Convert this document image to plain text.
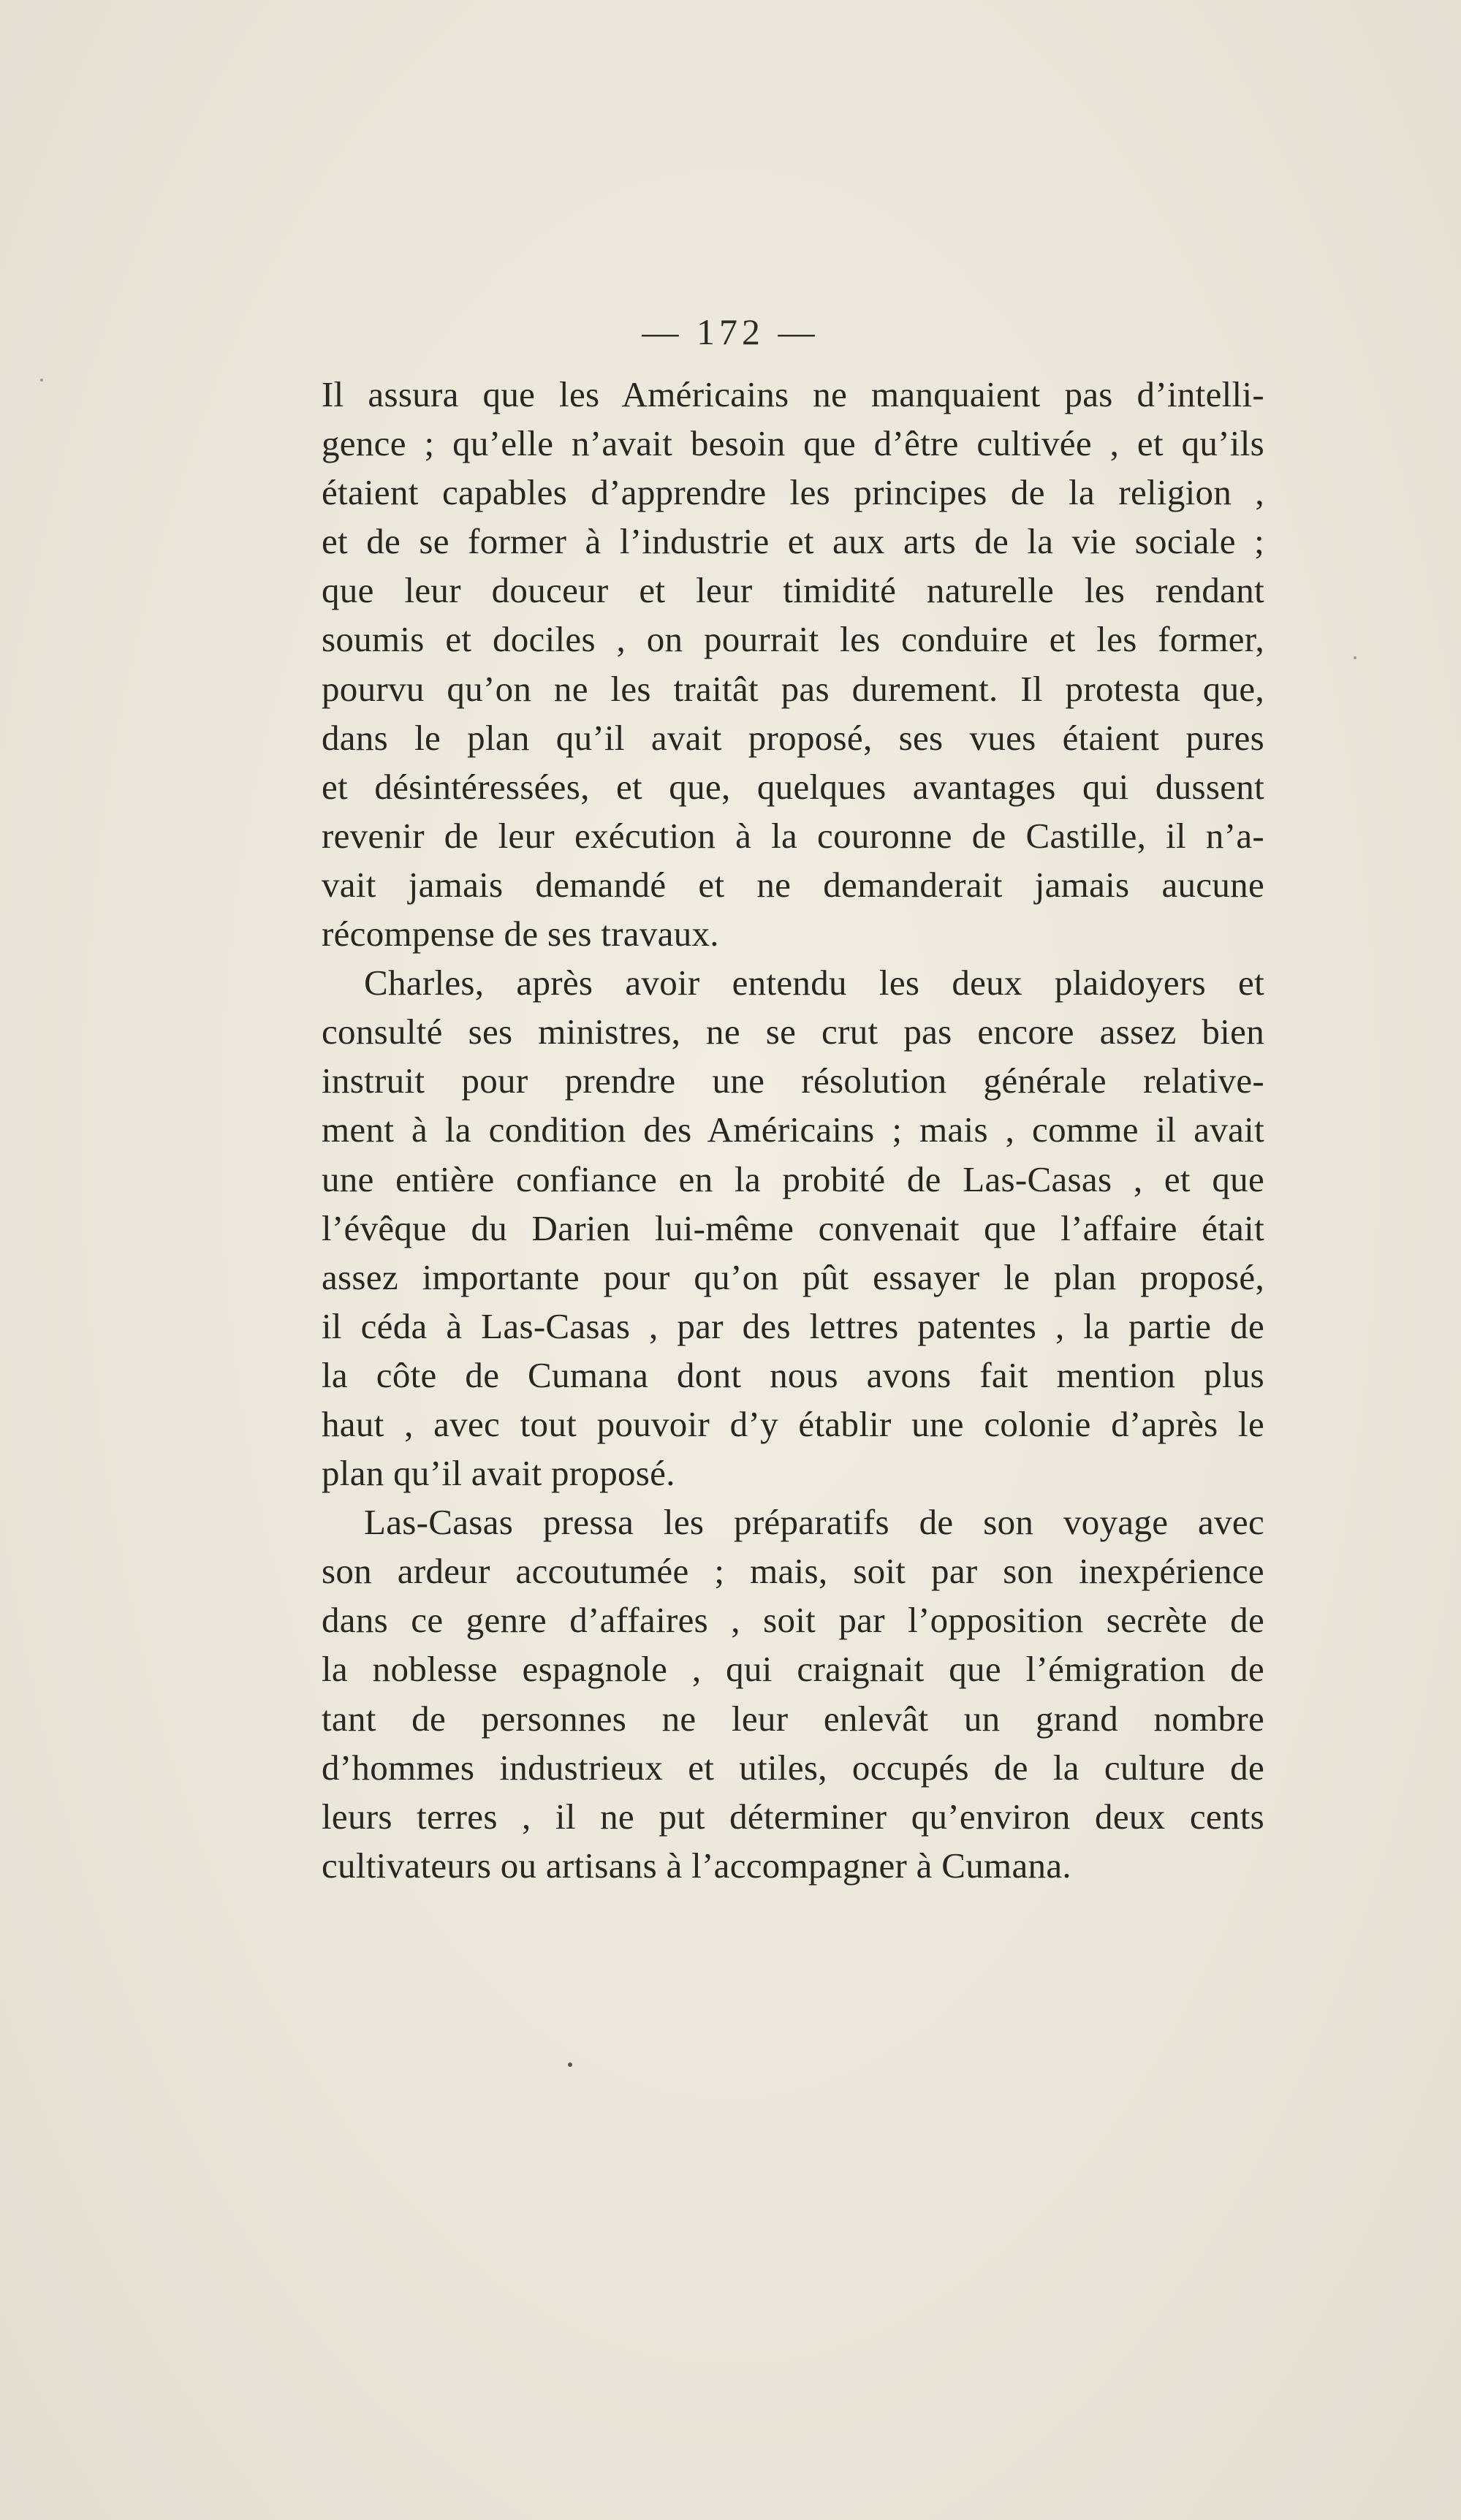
— 172 —
Il assura que les Américains ne manquaient pas d’intelli-
gence ; qu’elle n’avait besoin que d’être cultivée , et qu’ils
étaient capables d’apprendre les principes de la religion ,
et de se former à l’industrie et aux arts de la vie sociale ;
que leur douceur et leur timidité naturelle les rendant
soumis et dociles , on pourrait les conduire et les former,
pourvu qu’on ne les traitât pas durement. Il protesta que,
dans le plan qu’il avait proposé, ses vues étaient pures
et désintéressées, et que, quelques avantages qui dussent
revenir de leur exécution à la couronne de Castille, il n’a-
vait jamais demandé et ne demanderait jamais aucune
récompense de ses travaux.
Charles, après avoir entendu les deux plaidoyers et
consulté ses ministres, ne se crut pas encore assez bien
instruit pour prendre une résolution générale relative-
ment à la condition des Américains ; mais , comme il avait
une entière confiance en la probité de Las-Casas , et que
l’évêque du Darien lui-même convenait que l’affaire était
assez importante pour qu’on pût essayer le plan proposé,
il céda à Las-Casas , par des lettres patentes , la partie de
la côte de Cumana dont nous avons fait mention plus
haut , avec tout pouvoir d’y établir une colonie d’après le
plan qu’il avait proposé.
Las-Casas pressa les préparatifs de son voyage avec
son ardeur accoutumée ; mais, soit par son inexpérience
dans ce genre d’affaires , soit par l’opposition secrète de
la noblesse espagnole , qui craignait que l’émigration de
tant de personnes ne leur enlevât un grand nombre
d’hommes industrieux et utiles, occupés de la culture de
leurs terres , il ne put déterminer qu’environ deux cents
cultivateurs ou artisans à l’accompagner à Cumana.
